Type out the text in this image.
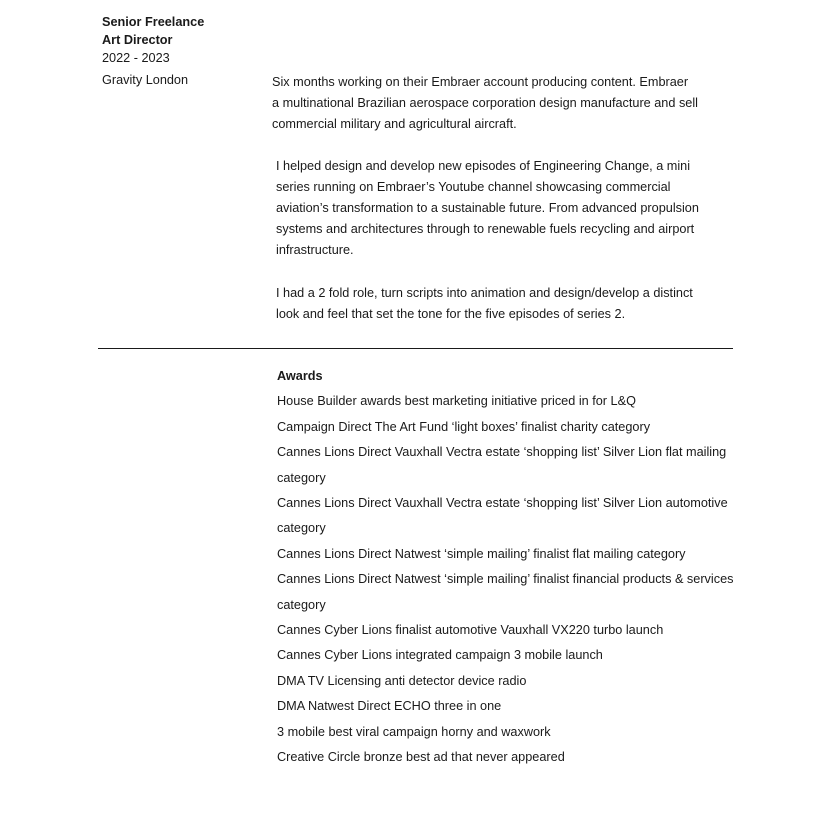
Senior Freelance
Art Director
2022 - 2023
Gravity London	Six months working on their Embraer account producing content. Embraer
a multinational Brazilian aerospace corporation design manufacture and sell
commercial military and agricultural aircraft.
I helped design and develop new episodes of Engineering Change, a mini
series running on Embraer’s Youtube channel showcasing commercial
aviation’s transformation to a sustainable future. From advanced propulsion
systems and architectures through to renewable fuels recycling and airport
infrastructure.
I had a 2 fold role, turn scripts into animation and design/develop a distinct
look and feel that set the tone for the five episodes of series 2.
Awards
House Builder awards best marketing initiative priced in for L&Q
Campaign Direct The Art Fund ‘light boxes’ finalist charity category
Cannes Lions Direct Vauxhall Vectra estate ‘shopping list’ Silver Lion flat mailing category
Cannes Lions Direct Vauxhall Vectra estate ‘shopping list’ Silver Lion automotive category
Cannes Lions Direct Natwest ‘simple mailing’ finalist flat mailing category
Cannes Lions Direct Natwest ‘simple mailing’ finalist financial products & services category
Cannes Cyber Lions finalist automotive Vauxhall VX220 turbo launch
Cannes Cyber Lions integrated campaign 3 mobile launch
DMA TV Licensing anti detector device radio
DMA Natwest Direct ECHO three in one
3 mobile best viral campaign horny and waxwork
Creative Circle bronze best ad that never appeared
